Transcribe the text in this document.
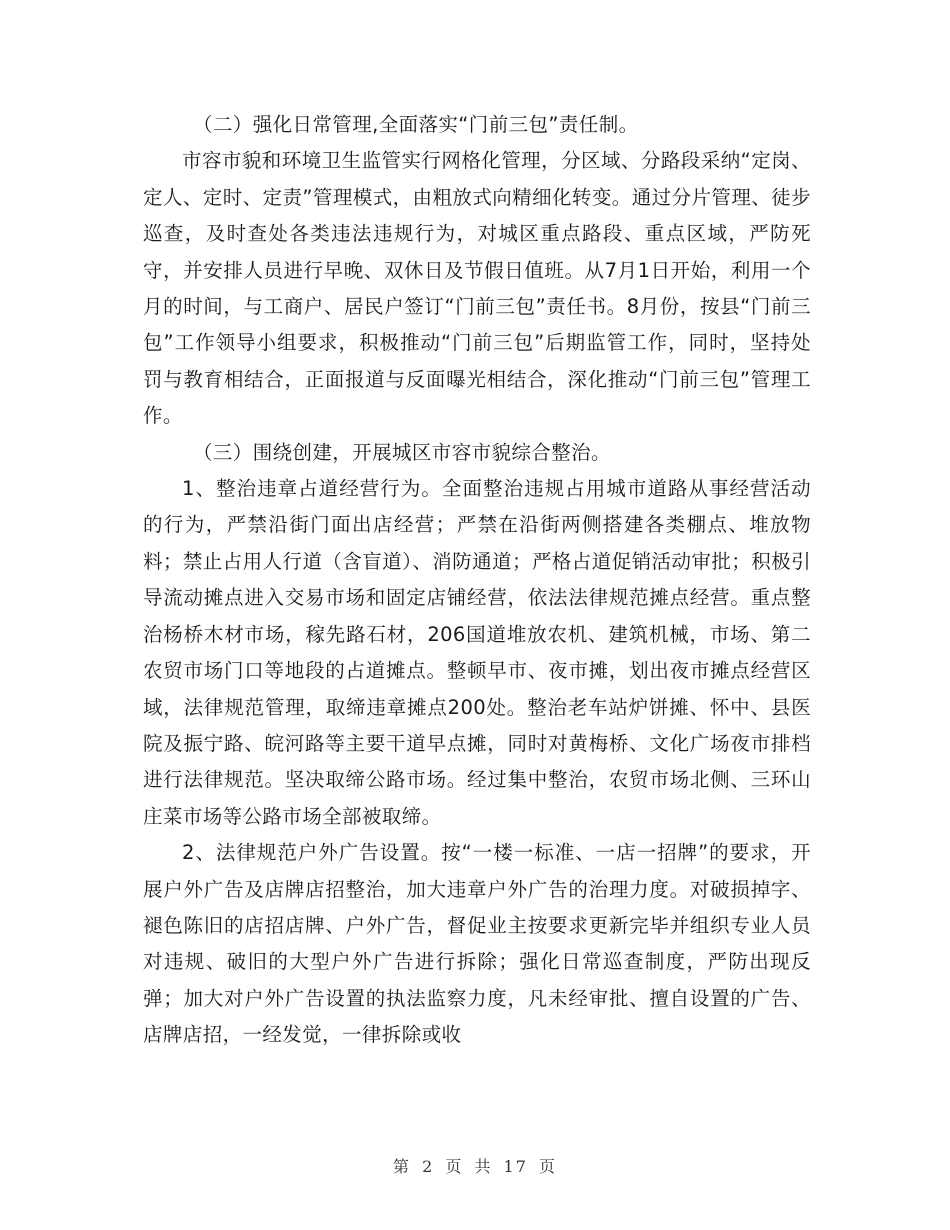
（二）强化日常管理,全面落实“门前三包”责任制。

市容市貌和环境卫生监管实行网格化管理，分区域、分路段采纳“定岗、定人、定时、定责”管理模式，由粗放式向精细化转变。通过分片管理、徒步巡查，及时查处各类违法违规行为，对城区重点路段、重点区域，严防死守，并安排人员进行早晚、双休日及节假日值班。从7月1日开始，利用一个月的时间，与工商户、居民户签订“门前三包”责任书。8月份，按县“门前三包”工作领导小组要求，积极推动“门前三包”后期监管工作，同时，坚持处罚与教育相结合，正面报道与反面曝光相结合，深化推动“门前三包”管理工作。

（三）围绕创建，开展城区市容市貌综合整治。

1、整治违章占道经营行为。全面整治违规占用城市道路从事经营活动的行为，严禁沿街门面出店经营；严禁在沿街两侧搭建各类棚点、堆放物料；禁止占用人行道（含盲道）、消防通道；严格占道促销活动审批；积极引导流动摊点进入交易市场和固定店铺经营，依法法律规范摊点经营。重点整治杨桥木材市场，稼先路石材，206国道堆放农机、建筑机械，市场、第二农贸市场门口等地段的占道摊点。整顿早市、夜市摊，划出夜市摊点经营区域，法律规范管理，取缔违章摊点200处。整治老车站炉饼摊、怀中、县医院及振宁路、皖河路等主要干道早点摊，同时对黄梅桥、文化广场夜市排档进行法律规范。坚决取缔公路市场。经过集中整治，农贸市场北侧、三环山庄菜市场等公路市场全部被取缔。

2、法律规范户外广告设置。按“一楼一标准、一店一招牌”的要求，开展户外广告及店牌店招整治，加大违章户外广告的治理力度。对破损掉字、褪色陈旧的店招店牌、户外广告，督促业主按要求更新完毕并组织专业人员对违规、破旧的大型户外广告进行拆除；强化日常巡查制度，严防出现反弹；加大对户外广告设置的执法监察力度，凡未经审批、擅自设置的广告、店牌店招，一经发觉，一律拆除或收

第 2 页 共 17 页
